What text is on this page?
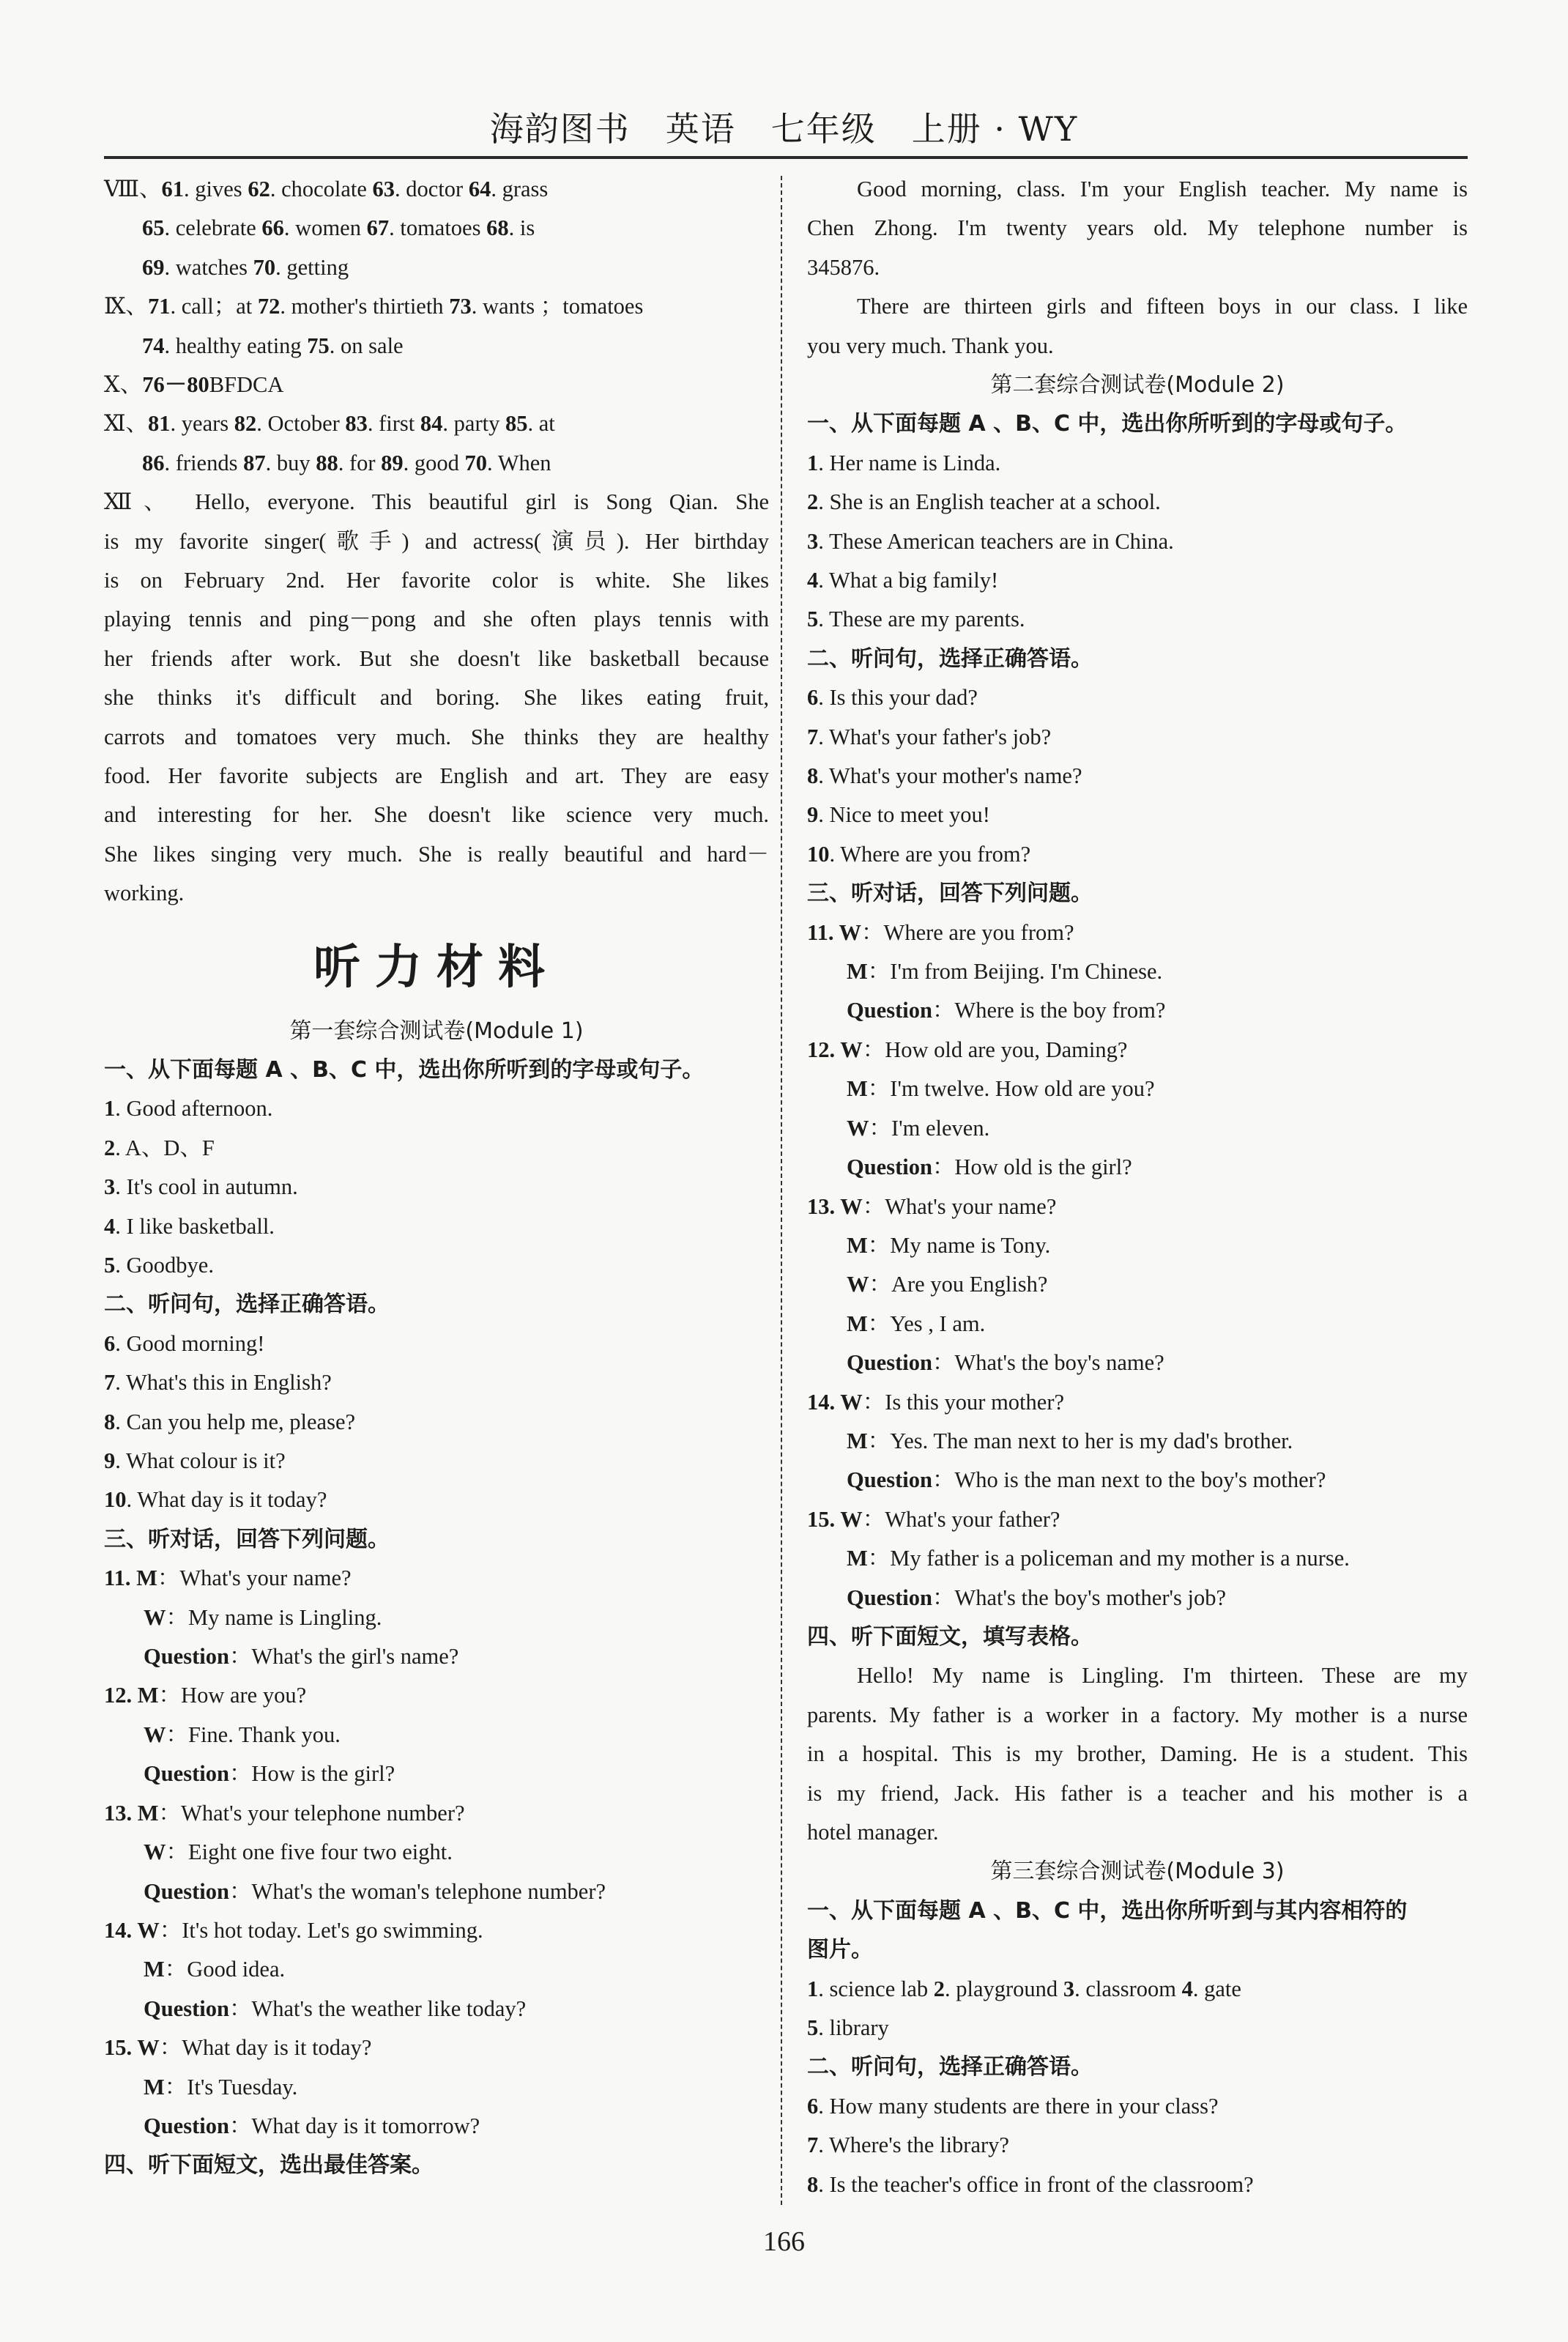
海韵图书　英语　七年级　上册 · WY
Ⅷ、61. gives 62. chocolate 63. doctor 64. grass
65. celebrate 66. women 67. tomatoes 68. is
69. watches 70. getting
Ⅸ、71. call；at 72. mother's thirtieth 73. wants ；tomatoes
74. healthy eating 75. on sale
Ⅹ、76－80BFDCA
Ⅺ、81. years 82. October 83. first 84. party 85. at
86. friends 87. buy 88. for 89. good 70. When
Ⅻ、 Hello, everyone. This beautiful girl is Song Qian. She
is my favorite singer(歌手) and actress(演员). Her birthday
is on February 2nd. Her favorite color is white. She likes
playing tennis and ping－pong and she often plays tennis with
her friends after work. But she doesn't like basketball because
she thinks it's difficult and boring. She likes eating fruit,
carrots and tomatoes very much. She thinks they are healthy
food. Her favorite subjects are English and art. They are easy
and interesting for her. She doesn't like science very much.
She likes singing very much. She is really beautiful and hard－
working.
听力材料
第一套综合测试卷(Module 1)
一、从下面每题 A 、B、C 中，选出你所听到的字母或句子。
1. Good afternoon.
2. A、D、F
3. It's cool in autumn.
4. I like basketball.
5. Goodbye.
二、听问句，选择正确答语。
6. Good morning!
7. What's this in English?
8. Can you help me, please?
9. What colour is it?
10. What day is it today?
三、听对话，回答下列问题。
11. M：What's your name?
W：My name is Lingling.
Question：What's the girl's name?
12. M：How are you?
W：Fine. Thank you.
Question：How is the girl?
13. M：What's your telephone number?
W：Eight one five four two eight.
Question：What's the woman's telephone number?
14. W：It's hot today. Let's go swimming.
M：Good idea.
Question：What's the weather like today?
15. W：What day is it today?
M：It's Tuesday.
Question：What day is it tomorrow?
四、听下面短文，选出最佳答案。
Good morning, class. I'm your English teacher. My name is
Chen Zhong. I'm twenty years old. My telephone number is
345876.
There are thirteen girls and fifteen boys in our class. I like
you very much. Thank you.
第二套综合测试卷(Module 2)
一、从下面每题 A 、B、C 中，选出你所听到的字母或句子。
1. Her name is Linda.
2. She is an English teacher at a school.
3. These American teachers are in China.
4. What a big family!
5. These are my parents.
二、听问句，选择正确答语。
6. Is this your dad?
7. What's your father's job?
8. What's your mother's name?
9. Nice to meet you!
10. Where are you from?
三、听对话，回答下列问题。
11. W：Where are you from?
M：I'm from Beijing. I'm Chinese.
Question：Where is the boy from?
12. W：How old are you, Daming?
M：I'm twelve. How old are you?
W：I'm eleven.
Question：How old is the girl?
13. W：What's your name?
M：My name is Tony.
W：Are you English?
M：Yes , I am.
Question：What's the boy's name?
14. W：Is this your mother?
M：Yes. The man next to her is my dad's brother.
Question：Who is the man next to the boy's mother?
15. W：What's your father?
M：My father is a policeman and my mother is a nurse.
Question：What's the boy's mother's job?
四、听下面短文，填写表格。
Hello! My name is Lingling. I'm thirteen. These are my
parents. My father is a worker in a factory. My mother is a nurse
in a hospital. This is my brother, Daming. He is a student. This
is my friend, Jack. His father is a teacher and his mother is a
hotel manager.
第三套综合测试卷(Module 3)
一、从下面每题 A 、B、C 中，选出你所听到与其内容相符的
图片。
1. science lab 2. playground 3. classroom 4. gate
5. library
二、听问句，选择正确答语。
6. How many students are there in your class?
7. Where's the library?
8. Is the teacher's office in front of the classroom?
166
